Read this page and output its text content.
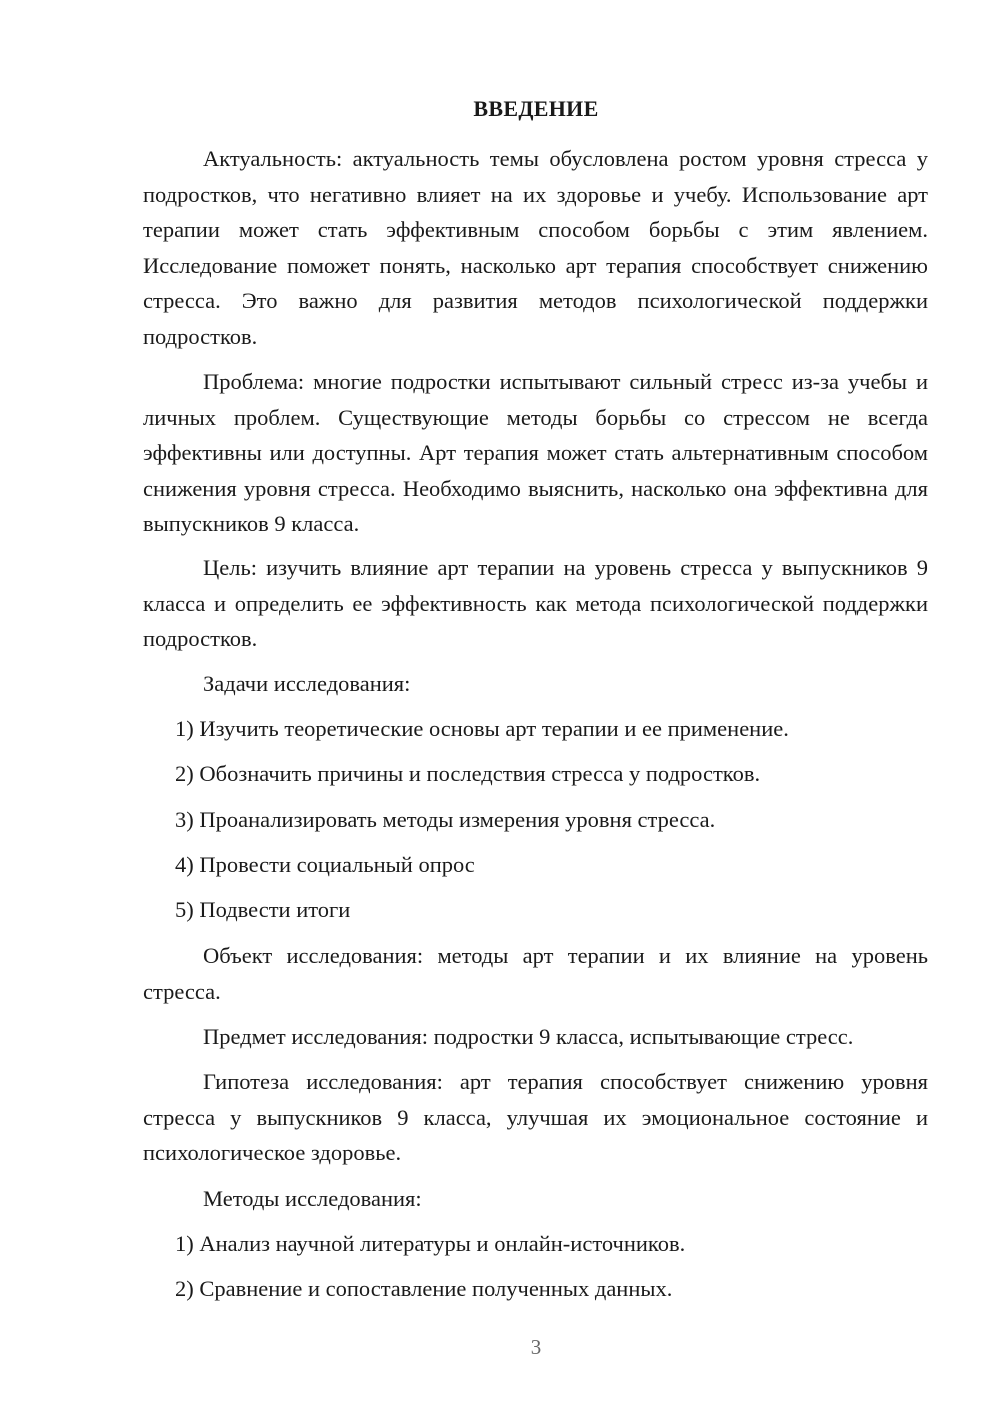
ВВЕДЕНИЕ

Актуальность: актуальность темы обусловлена ростом уровня стресса у подростков, что негативно влияет на их здоровье и учебу. Использование арт терапии может стать эффективным способом борьбы с этим явлением. Исследование поможет понять, насколько арт терапия способствует снижению стресса. Это важно для развития методов психологической поддержки подростков.

Проблема: многие подростки испытывают сильный стресс из-за учебы и личных проблем. Существующие методы борьбы со стрессом не всегда эффективны или доступны. Арт терапия может стать альтернативным способом снижения уровня стресса. Необходимо выяснить, насколько она эффективна для выпускников 9 класса.

Цель: изучить влияние арт терапии на уровень стресса у выпускников 9 класса и определить ее эффективность как метода психологической поддержки подростков.

Задачи исследования:
1) Изучить теоретические основы арт терапии и ее применение.
2) Обозначить причины и последствия стресса у подростков.
3) Проанализировать методы измерения уровня стресса.
4) Провести социальный опрос
5) Подвести итоги

Объект исследования: методы арт терапии и их влияние на уровень стресса.

Предмет исследования: подростки 9 класса, испытывающие стресс.

Гипотеза исследования: арт терапия способствует снижению уровня стресса у выпускников 9 класса, улучшая их эмоциональное состояние и психологическое здоровье.

Методы исследования:
1) Анализ научной литературы и онлайн-источников.
2) Сравнение и сопоставление полученных данных.
3
